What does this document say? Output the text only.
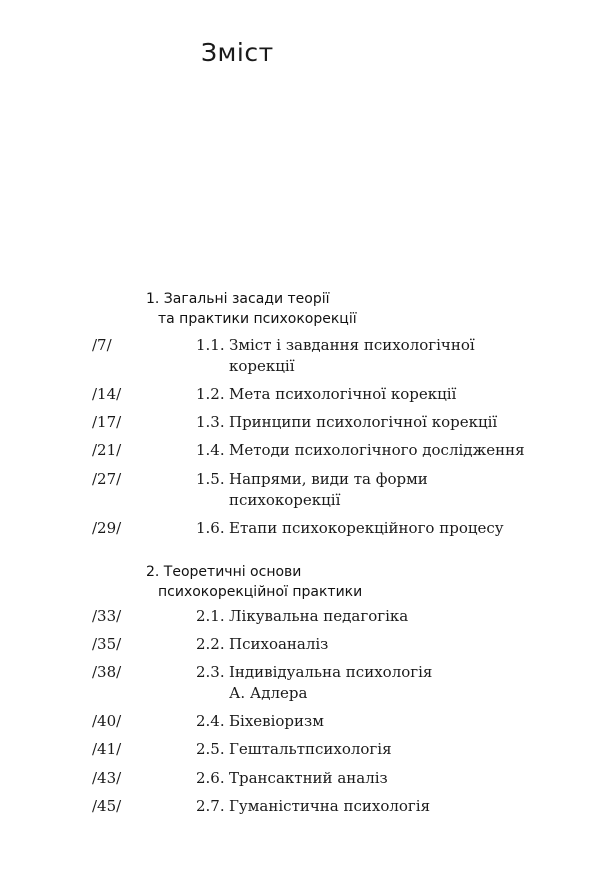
Зміст
1. Загальні засади теорії
та практики психокорекції
/7/	1.1. Зміст і завдання психологічної
корекції
/14/	1.2. Мета психологічної корекції
/17/	1.3. Принципи психологічної корекції
/21/	1.4. Методи психологічного дослідження
/27/	1.5. Напрями, види та форми
психокорекції
/29/	1.6. Етапи психокорекційного процесу
2. Теоретичні основи
психокорекційної практики
/33/	2.1. Лікувальна педагогіка
/35/	2.2. Психоаналіз
/38/	2.3. Індивідуальна психологія
А. Адлера
/40/	2.4. Біхевіоризм
/41/	2.5. Гештальтпсихологія
/43/	2.6. Трансактний аналіз
/45/	2.7. Гуманістична психологія
